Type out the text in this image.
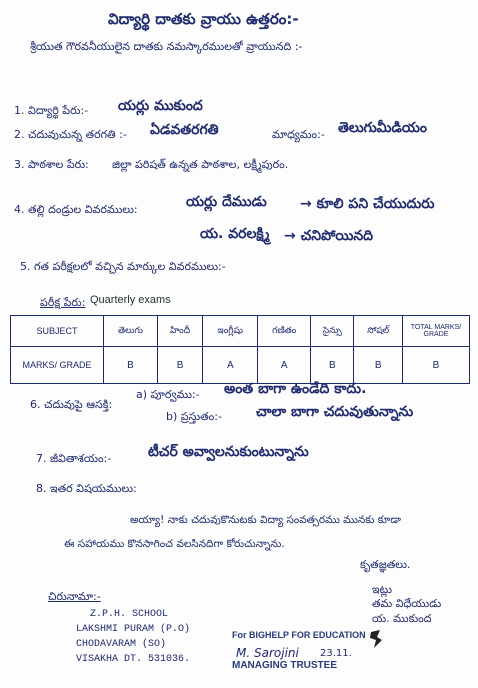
విద్యార్థి దాతకు వ్రాయు ఉత్తరం:-
శ్రీయుత గౌరవనీయులైన దాతకు నమస్కారములతో వ్రాయునది :-
1. విద్యార్థి పేరు:- యర్లు ముకుంద
2. చదువుచున్న తరగతి :- ఏడవతరగతి	మాధ్యమం:- తెలుగుమీడియం
3. పాఠశాల పేరు: జిల్లా పరిషత్ ఉన్నత పాఠశాల, లక్ష్మీపురం.
4. తల్లి దండ్రుల వివరములు:	యర్లు దేముడు → కూలి పని చేయుదురు
య. వరలక్ష్మి → చనిపోయినది
5. గత పరీక్షలలో వచ్చిన మార్కుల వివరములు:-
పరీక్ష పేరు: Quarterly exams
SUBJECT	తెలుగు	హిందీ	ఇంగ్లీషు	గణితం	సైన్సు	సోషల్	TOTAL MARKS/ GRADE
MARKS/ GRADE	B	B	A	A	B	B	B
6. చదువుపై ఆసక్తి:
a) పూర్వము:- అంత బాగా ఉండేది కాదు.
b) ప్రస్తుతం:- చాలా బాగా చదువుతున్నాను
7. జీవితాశయం:-	టీచర్ అవ్వాలనుకుంటున్నాను
8. ఇతర విషయములు:
అయ్యా! నాకు చదువుకొనుటకు విద్యా సంవత్సరము మునకు కూడా
ఈ సహాయము కొనసాగించ వలసినదిగా కోరుచున్నాను.
కృతజ్ఞతలు.
ఇట్లు
తమ విధేయుడు
య. ముకుంద
చిరునామా:-
Z.P.H. SCHOOL
LAKSHMI PURAM (P.O)
CHODAVARAM (SO)
VISAKHA DT. 531036.
For BIGHELP FOR EDUCATION
M. Sarojini 23.11.
MANAGING TRUSTEE
